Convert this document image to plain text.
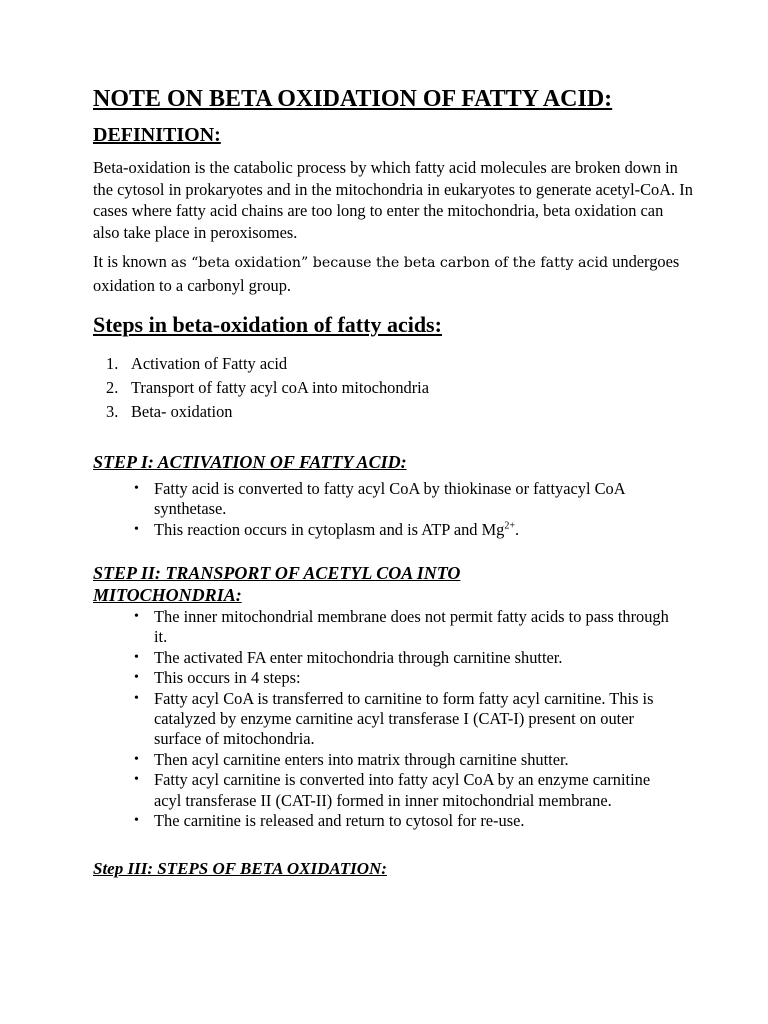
NOTE ON BETA OXIDATION OF FATTY ACID:
DEFINITION:

Beta-oxidation is the catabolic process by which fatty acid molecules are broken down in the cytosol in prokaryotes and in the mitochondria in eukaryotes to generate acetyl-CoA. In cases where fatty acid chains are too long to enter the mitochondria, beta oxidation can also take place in peroxisomes.

It is known as “beta oxidation” because the beta carbon of the fatty acid undergoes oxidation to a carbonyl group.

Steps in beta-oxidation of fatty acids:
1. Activation of Fatty acid
2. Transport of fatty acyl coA into mitochondria
3. Beta- oxidation
STEP I: ACTIVATION OF FATTY ACID:
• Fatty acid is converted to fatty acyl CoA by thiokinase or fattyacyl CoA synthetase.
• This reaction occurs in cytoplasm and is ATP and $Mg^{2+}$.
STEP II: TRANSPORT OF ACETYL COA INTO MITOCHONDRIA:
• The inner mitochondrial membrane does not permit fatty acids to pass through it.
• The activated FA enter mitochondria through carnitine shutter.
• This occurs in 4 steps:
• Fatty acyl CoA is transferred to carnitine to form fatty acyl carnitine. This is catalyzed by enzyme carnitine acyl transferase I (CAT-I) present on outer surface of mitochondria.
• Then acyl carnitine enters into matrix through carnitine shutter.
• Fatty acyl carnitine is converted into fatty acyl CoA by an enzyme carnitine acyl transferase II (CAT-II) formed in inner mitochondrial membrane.
• The carnitine is released and return to cytosol for re-use.
Step III: STEPS OF BETA OXIDATION:
